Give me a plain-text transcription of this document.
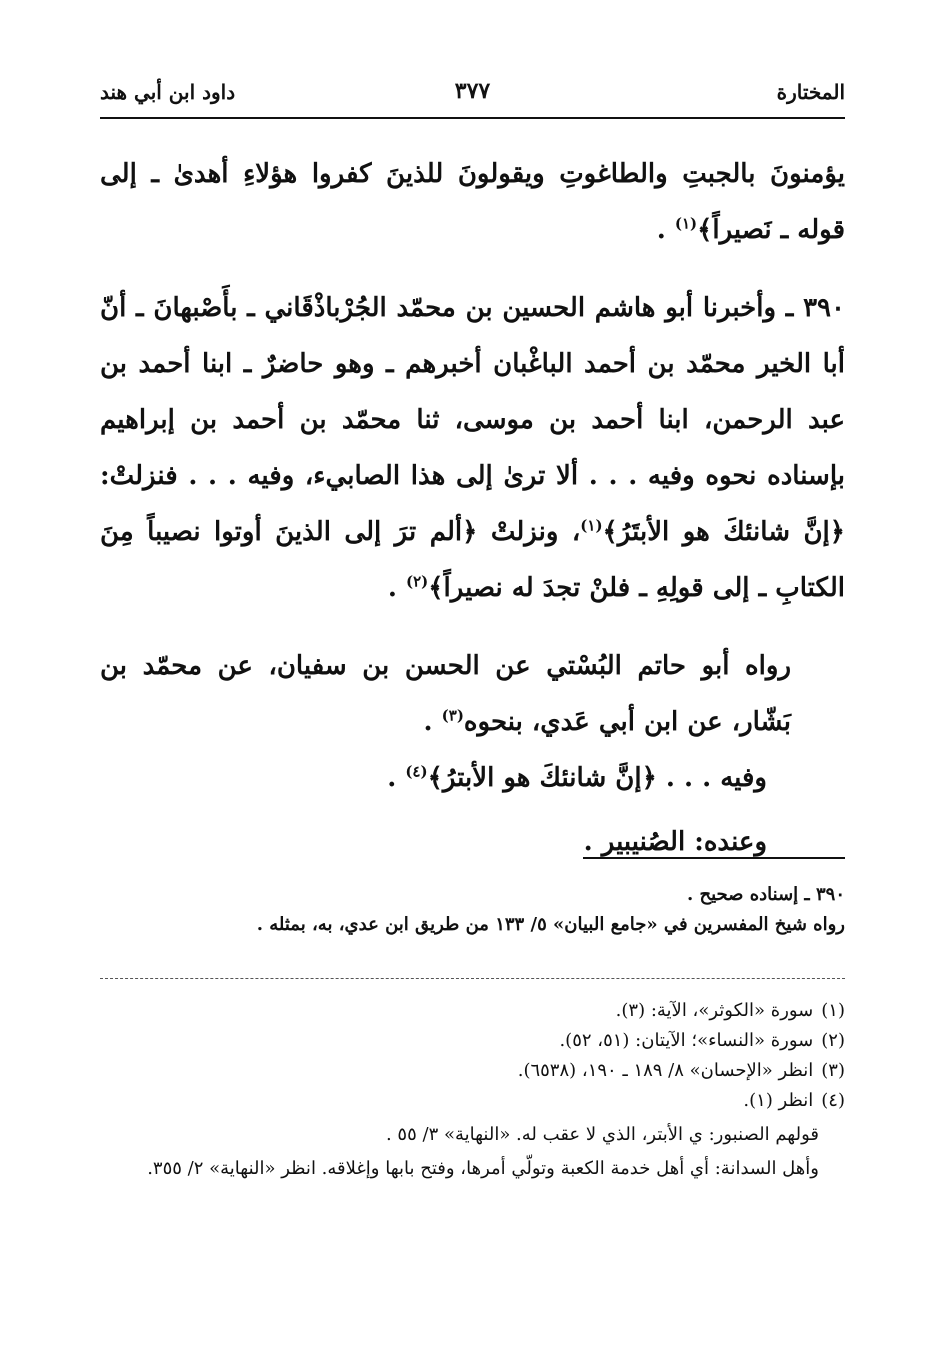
المختارة
٣٧٧
داود ابن أبي هند

يؤمنونَ بالجبتِ والطاغوتِ ويقولونَ للذينَ كفروا هؤلاءِ أهدىٰ ـ إلى قوله ـ نَصيراً﴾$^{(١)}$ .

٣٩٠ ـ وأخبرنا أبو هاشم الحسين بن محمّد الجُرْباذْقَاني ـ بأَصْبهانَ ـ أنّ أبا الخير محمّد بن أحمد الباغْبان أخبرهم ـ وهو حاضرٌ ـ ابنا أحمد بن عبد الرحمن، ابنا أحمد بن موسى، ثنا محمّد بن أحمد بن إبراهيم بإسناده نحوه وفيه . . . ألا ترىٰ إلى هذا الصابيء، وفيه . . . فنزلتْ: ﴿إنَّ شانئكَ هو الأبتَرُ﴾$^{(١)}$، ونزلتْ ﴿ألم ترَ إلى الذينَ أوتوا نصيباً مِنَ الكتابِ ـ إلى قولِهِ ـ فلنْ تجدَ له نصيراً﴾$^{(٢)}$ .

رواه أبو حاتم البُسْتي عن الحسن بن سفيان، عن محمّد بن بَشّار، عن ابن أبي عَدي، بنحوه$^{(٣)}$ .

وفيه . . . ﴿إنَّ شانئكَ هو الأبترُ﴾$^{(٤)}$ .

وعنده: الصُنيبير .

٣٩٠ ـ إسناده صحيح .

رواه شيخ المفسرين في «جامع البيان» ٥/ ١٣٣ من طريق ابن عدي، به، بمثله .

(١)سورة «الكوثر»، الآية: (٣).

(٢)سورة «النساء»؛ الآيتان: (٥١، ٥٢).

(٣)انظر «الإحسان» ٨/ ١٨٩ ـ ١٩٠، (٦٥٣٨).

(٤)انظر (١).

قولهم الصنبور: ي الأبتر، الذي لا عقب له. «النهاية» ٣/ ٥٥ .

وأهل السدانة: أي أهل خدمة الكعبة وتولّي أمرها، وفتح بابها وإغلاقه. انظر «النهاية» ٢/ ٣٥٥.
